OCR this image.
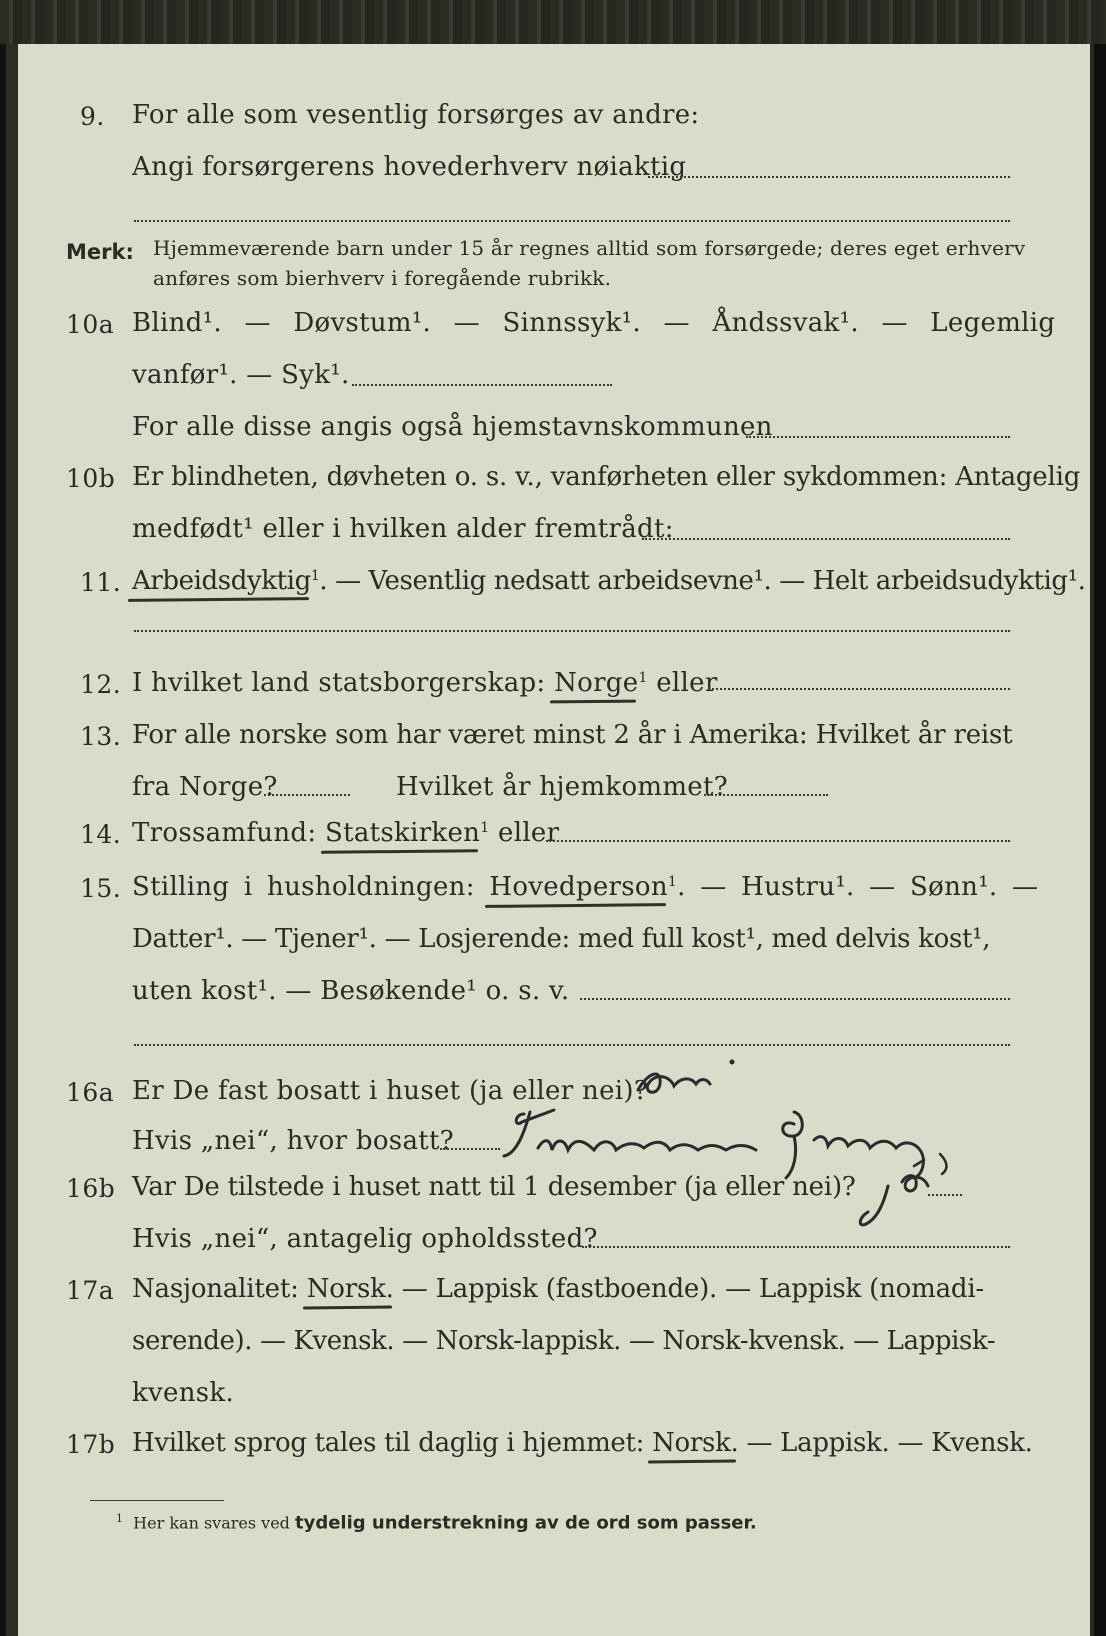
9. For alle som vesentlig forsørges av andre:
Angi forsørgerens hovederhverv nøiaktig
Merk: Hjemmeværende barn under 15 år regnes alltid som forsørgede; deres eget erhverv
anføres som bierhverv i foregående rubrikk.
10a Blind¹. — Døvstum¹. — Sinnssyk¹. — Åndssvak¹. — Legemlig
vanfør¹. — Syk¹.
For alle disse angis også hjemstavnskommunen
10b Er blindheten, døvheten o. s. v., vanførheten eller sykdommen: Antagelig
medfødt¹ eller i hvilken alder fremtrådt:
11. Arbeidsdyktig$^1$. — Vesentlig nedsatt arbeidsevne¹. — Helt arbeidsudyktig¹.
12. I hvilket land statsborgerskap: Norge$^1$ eller
13. For alle norske som har været minst 2 år i Amerika: Hvilket år reist
fra Norge?	Hvilket år hjemkommet?
14. Trossamfund: Statskirken$^1$ eller
15. Stilling i husholdningen: Hovedperson$^1$. — Hustru¹. — Sønn¹. —
Datter¹. — Tjener¹. — Losjerende: med full kost¹, med delvis kost¹,
uten kost¹. — Besøkende¹ o. s. v.
16a Er De fast bosatt i huset (ja eller nei)?
Hvis „nei“, hvor bosatt?
16b Var De tilstede i huset natt til 1 desember (ja eller nei)?
Hvis „nei“, antagelig opholdssted?
17a Nasjonalitet: Norsk. — Lappisk (fastboende). — Lappisk (nomadi-
serende). — Kvensk. — Norsk-lappisk. — Norsk-kvensk. — Lappisk-
kvensk.
17b Hvilket sprog tales til daglig i hjemmet: Norsk. — Lappisk. — Kvensk.
$^1$ Her kan svares ved tydelig understrekning av de ord som passer.
